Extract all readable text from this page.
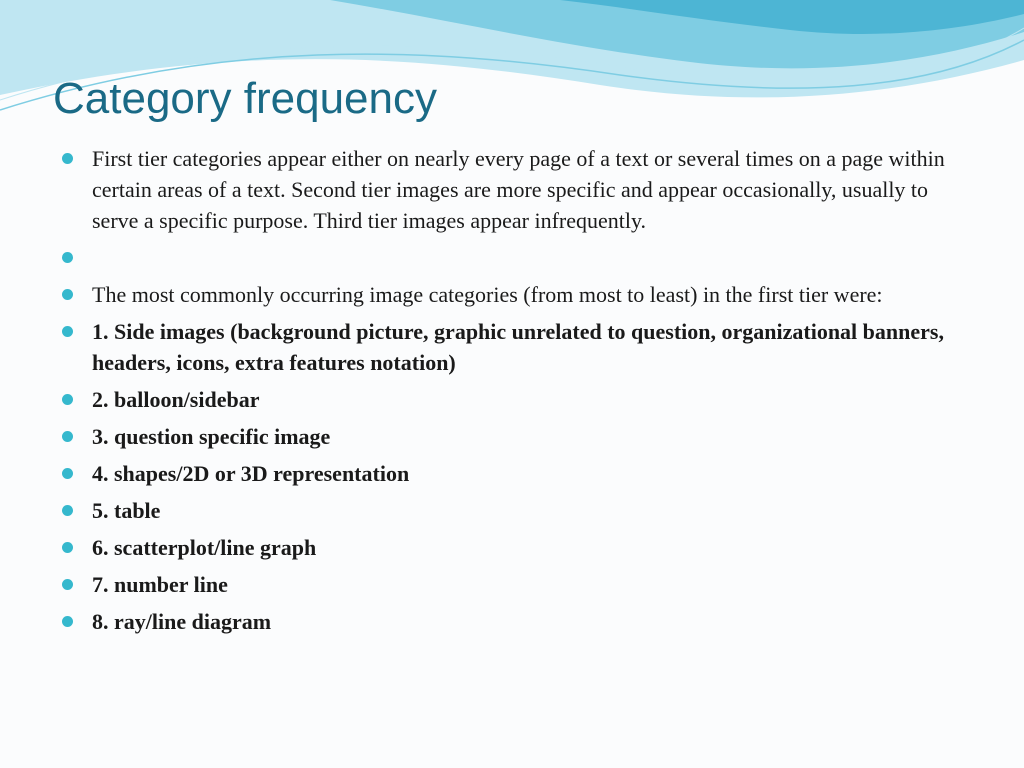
Category frequency
First tier categories appear either on nearly every page of a text or several times on a page within certain areas of a text. Second tier images are more specific and appear occasionally, usually to serve a specific purpose. Third tier images appear infrequently.
The most commonly occurring image categories (from most to least) in the first tier were:
1. Side images (background picture, graphic unrelated to question, organizational banners, headers, icons, extra features notation)
2. balloon/sidebar
3. question specific image
4. shapes/2D or 3D representation
5. table
6. scatterplot/line graph
7. number line
8. ray/line diagram
